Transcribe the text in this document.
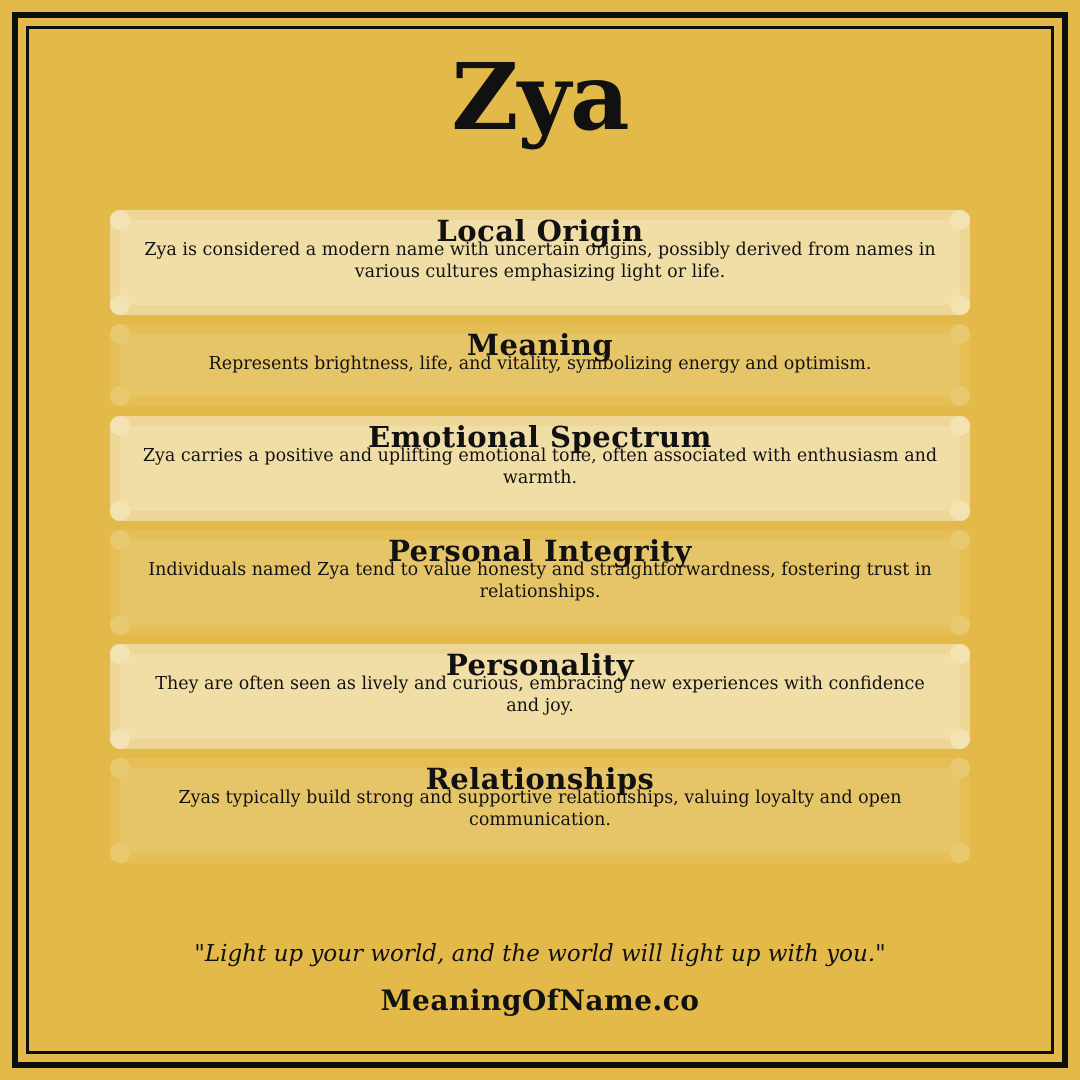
Zya
Local Origin

Zya is considered a modern name with uncertain origins, possibly derived from names in various cultures emphasizing light or life.

Meaning

Represents brightness, life, and vitality, symbolizing energy and optimism.

Emotional Spectrum

Zya carries a positive and uplifting emotional tone, often associated with enthusiasm and warmth.

Personal Integrity

Individuals named Zya tend to value honesty and straightforwardness, fostering trust in relationships.

Personality

They are often seen as lively and curious, embracing new experiences with confidence and joy.

Relationships

Zyas typically build strong and supportive relationships, valuing loyalty and open communication.

"Light up your world, and the world will light up with you."
MeaningOfName.co
